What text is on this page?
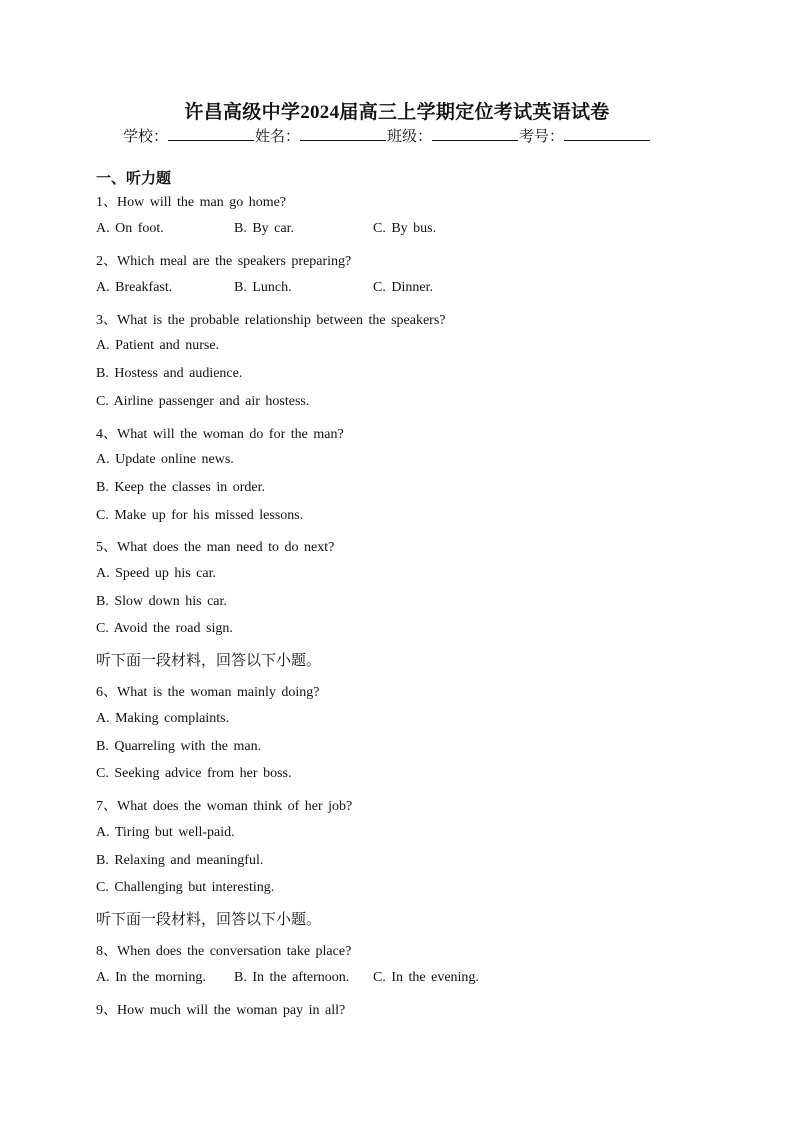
许昌高级中学2024届高三上学期定位考试英语试卷
学校：	姓名：	班级：	考号：
一、听力题
1、How will the man go home?
A. On foot.	B. By car.	C. By bus.
2、Which meal are the speakers preparing?
A. Breakfast.	B. Lunch.	C. Dinner.
3、What is the probable relationship between the speakers?
A. Patient and nurse.
B. Hostess and audience.
C. Airline passenger and air hostess.
4、What will the woman do for the man?
A. Update online news.
B. Keep the classes in order.
C. Make up for his missed lessons.
5、What does the man need to do next?
A. Speed up his car.
B. Slow down his car.
C. Avoid the road sign.
听下面一段材料，回答以下小题。
6、What is the woman mainly doing?
A. Making complaints.
B. Quarreling with the man.
C. Seeking advice from her boss.
7、What does the woman think of her job?
A. Tiring but well-paid.
B. Relaxing and meaningful.
C. Challenging but interesting.
听下面一段材料，回答以下小题。
8、When does the conversation take place?
A. In the morning. B. In the afternoon. C. In the evening.
9、How much will the woman pay in all?
